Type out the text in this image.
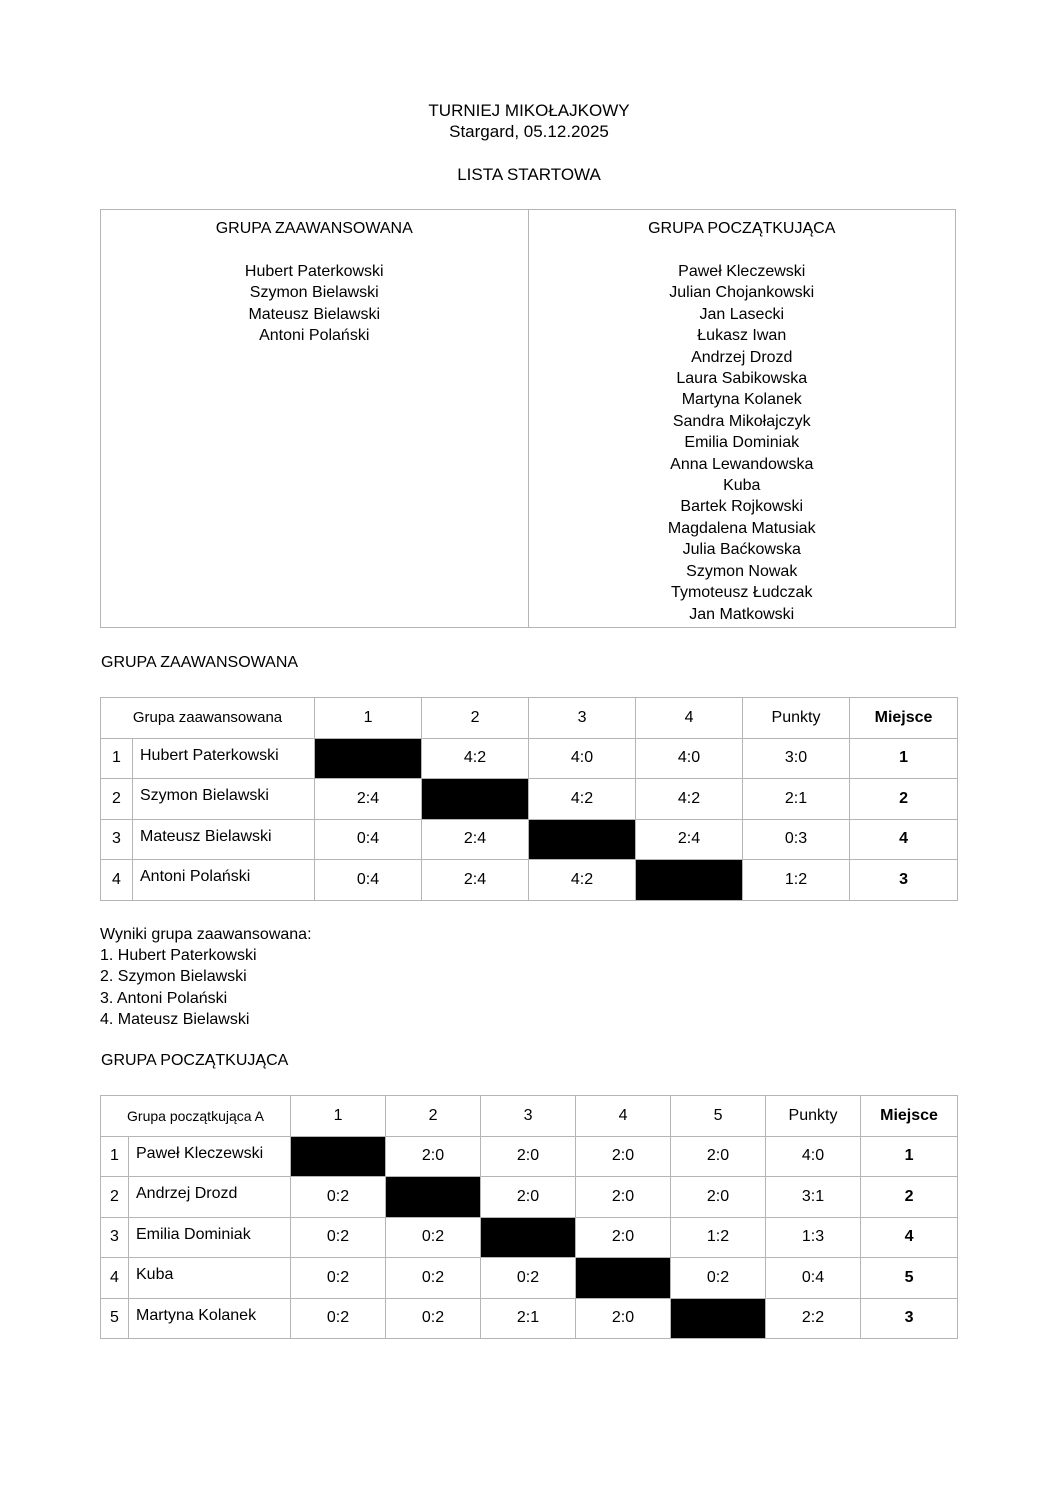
TURNIEJ MIKOŁAJKOWY
Stargard, 05.12.2025
LISTA STARTOWA
GRUPA ZAAWANSOWANA
Hubert Paterkowski
Szymon Bielawski
Mateusz Bielawski
Antoni Polański
GRUPA POCZĄTKUJĄCA
Paweł Kleczewski
Julian Chojankowski
Jan Lasecki
Łukasz Iwan
Andrzej Drozd
Laura Sabikowska
Martyna Kolanek
Sandra Mikołajczyk
Emilia Dominiak
Anna Lewandowska
Kuba
Bartek Rojkowski
Magdalena Matusiak
Julia Baćkowska
Szymon Nowak
Tymoteusz Łudczak
Jan Matkowski
GRUPA ZAAWANSOWANA
Grupa zaawansowana		1	2	3	4	Punkty	Miejsce
1	Hubert Paterkowski		4:2	4:0	4:0	3:0	1
2	Szymon Bielawski	2:4		4:2	4:2	2:1	2
3	Mateusz Bielawski	0:4	2:4		2:4	0:3	4
4	Antoni Polański	0:4	2:4	4:2		1:2	3
Wyniki grupa zaawansowana:
1. Hubert Paterkowski
2. Szymon Bielawski
3. Antoni Polański
4. Mateusz Bielawski
GRUPA POCZĄTKUJĄCA
Grupa początkująca A		1	2	3	4	5	Punkty	Miejsce
1	Paweł Kleczewski		2:0	2:0	2:0	2:0	4:0	1
2	Andrzej Drozd	0:2		2:0	2:0	2:0	3:1	2
3	Emilia Dominiak	0:2	0:2		2:0	1:2	1:3	4
4	Kuba	0:2	0:2	0:2		0:2	0:4	5
5	Martyna Kolanek	0:2	0:2	2:1	2:0		2:2	3
